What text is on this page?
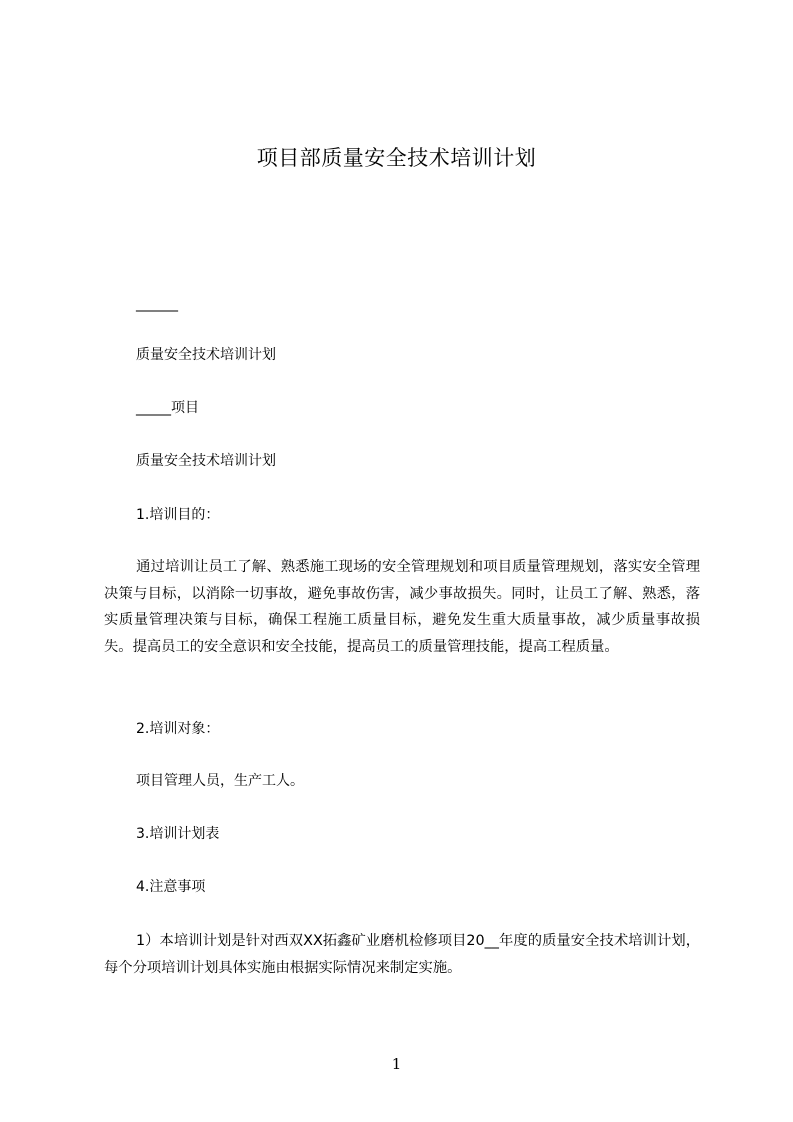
项目部质量安全技术培训计划
______
质量安全技术培训计划
_____项目
质量安全技术培训计划
1.培训目的：
通过培训让员工了解、熟悉施工现场的安全管理规划和项目质量管理规划，落实安全管理决策与目标，以消除一切事故，避免事故伤害，减少事故损失。同时，让员工了解、熟悉，落实质量管理决策与目标，确保工程施工质量目标，避免发生重大质量事故，减少质量事故损失。提高员工的安全意识和安全技能，提高员工的质量管理技能，提高工程质量。
2.培训对象：
项目管理人员，生产工人。
3.培训计划表
4.注意事项
1）本培训计划是针对西双XX拓鑫矿业磨机检修项目20__年度的质量安全技术培训计划，每个分项培训计划具体实施由根据实际情况来制定实施。
1
